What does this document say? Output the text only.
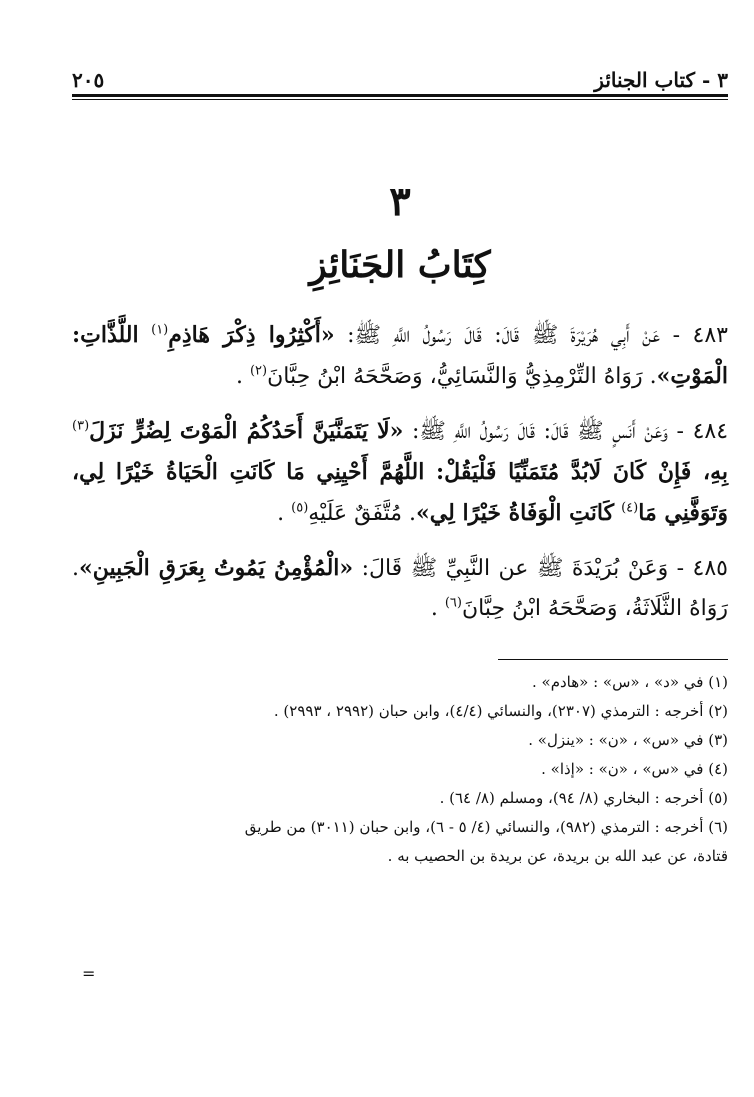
٣ - كتاب الجنائز
٢٠٥
٣
كِتَابُ الجَنَائِزِ

٤٨٣ - عَنْ أَبِي هُرَيْرَةَ ﷺ قَالَ: قَالَ رَسُولُ اللَّهِ ﷺ: «أَكْثِرُوا ذِكْرَ هَاذِمِ$^{(١)}$ اللَّذَّاتِ: الْمَوْتِ». رَوَاهُ التِّرْمِذِيُّ وَالنَّسَائِيُّ، وَصَحَّحَهُ ابْنُ حِبَّانَ$^{(٢)}$ .

٤٨٤ - وَعَنْ أَنَسٍ ﷺ قَالَ: قَالَ رَسُولُ اللَّهِ ﷺ: «لَا يَتَمَنَّيَنَّ أَحَدُكُمُ الْمَوْتَ لِضُرٍّ نَزَلَ$^{(٣)}$ بِهِ، فَإِنْ كَانَ لَابُدَّ مُتَمَنِّيًا فَلْيَقُلْ: اللَّهُمَّ أَحْيِنِي مَا كَانَتِ الْحَيَاةُ خَيْرًا لِي، وَتَوَفَّنِي مَا$^{(٤)}$ كَانَتِ الْوَفَاةُ خَيْرًا لِي». مُتَّفَقٌ عَلَيْهِ$^{(٥)}$ .

٤٨٥ - وَعَنْ بُرَيْدَةَ ﷺ عن النَّبِيِّ ﷺ قَالَ: «الْمُؤْمِنُ يَمُوتُ بِعَرَقِ الْجَبِينِ». رَوَاهُ الثَّلَاثَةُ، وَصَحَّحَهُ ابْنُ حِبَّانَ$^{(٦)}$ .

(١) في «د» ، «س» : «هادم» .

(٢) أخرجه : الترمذي (٢٣٠٧)، والنسائي (٤/٤)، وابن حبان (٢٩٩٢ ، ٢٩٩٣) .

(٣) في «س» ، «ن» : «ينزل» .

(٤) في «س» ، «ن» : «إذا» .

(٥) أخرجه : البخاري (٨/ ٩٤)، ومسلم (٨/ ٦٤) .

(٦) أخرجه : الترمذي (٩٨٢)، والنسائي (٤/ ٥ - ٦)، وابن حبان (٣٠١١) من طريق

قتادة، عن عبد الله بن بريدة، عن بريدة بن الحصيب به .

=
